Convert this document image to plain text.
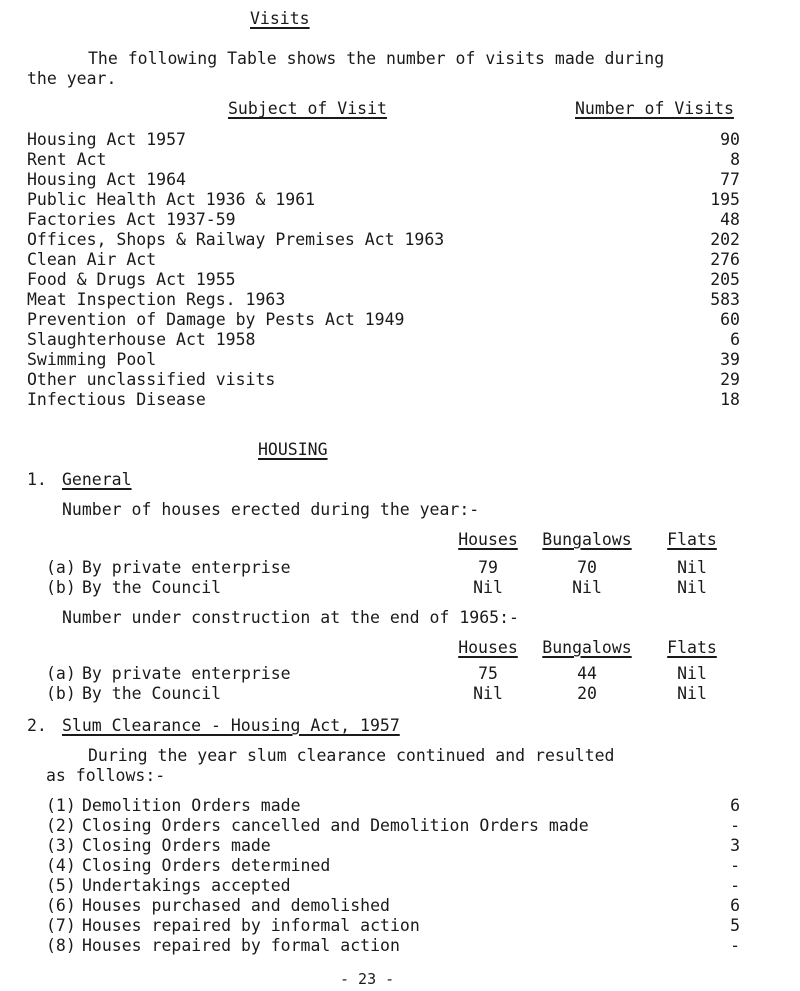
Visits
The following Table shows the number of visits made during
the year.
Subject of Visit	Number of Visits
Housing Act 1957	90
Rent Act	8
Housing Act 1964	77
Public Health Act 1936 & 1961	195
Factories Act 1937-59	48
Offices, Shops & Railway Premises Act 1963	202
Clean Air Act	276
Food & Drugs Act 1955	205
Meat Inspection Regs. 1963	583
Prevention of Damage by Pests Act 1949	60
Slaughterhouse Act 1958	6
Swimming Pool	39
Other unclassified visits	29
Infectious Disease	18
HOUSING
1. General
Number of houses erected during the year:-
Houses	Bungalows	Flats
(a) By private enterprise	79	70	Nil
(b) By the Council	Nil	Nil	Nil
Number under construction at the end of 1965:-
Houses	Bungalows	Flats
(a) By private enterprise	75	44	Nil
(b) By the Council	Nil	20	Nil
2. Slum Clearance - Housing Act, 1957
During the year slum clearance continued and resulted
as follows:-
(1) Demolition Orders made	6
(2) Closing Orders cancelled and Demolition Orders made	-
(3) Closing Orders made	3
(4) Closing Orders determined	-
(5) Undertakings accepted	-
(6) Houses purchased and demolished	6
(7) Houses repaired by informal action	5
(8) Houses repaired by formal action	-
- 23 -
